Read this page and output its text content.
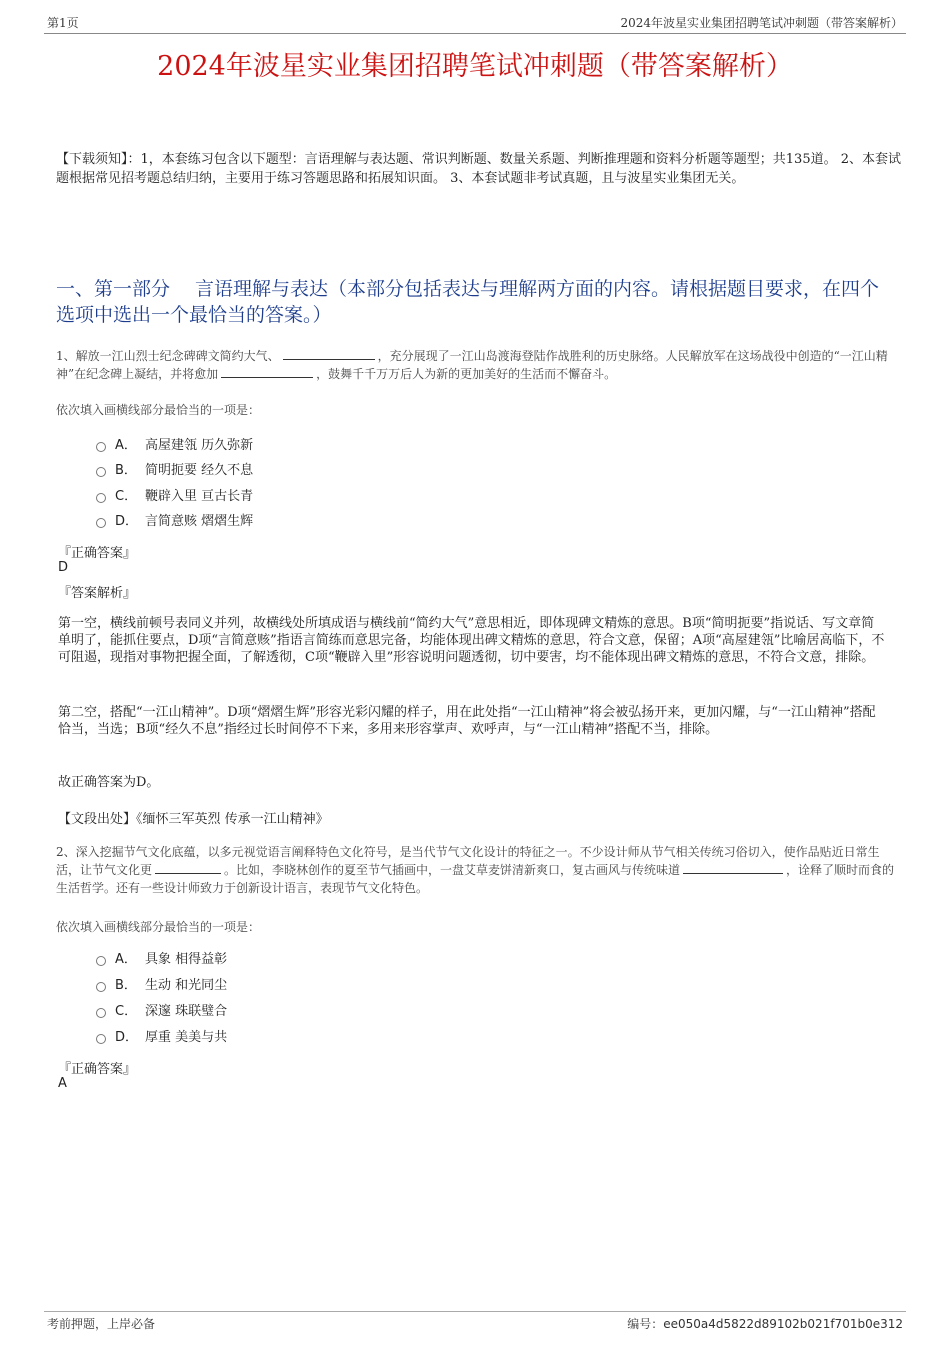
第1页	2024年波星实业集团招聘笔试冲刺题（带答案解析）
2024年波星实业集团招聘笔试冲刺题（带答案解析）
【下载须知】：1，本套练习包含以下题型：言语理解与表达题、常识判断题、数量关系题、判断推理题和资料分析题等题型；共135道。 2、本套试题根据常见招考题总结归纳，主要用于练习答题思路和拓展知识面。 3、本套试题非考试真题，且与波星实业集团无关。
一、第一部分　 言语理解与表达（本部分包括表达与理解两方面的内容。请根据题目要求，在四个选项中选出一个最恰当的答案。）
1、解放一江山烈士纪念碑碑文简约大气、	，充分展现了一江山岛渡海登陆作战胜利的历史脉络。人民解放军在这场战役中创造的“一江山精神”在纪念碑上凝结，并将愈加	，鼓舞千千万万后人为新的更加美好的生活而不懈奋斗。
依次填入画横线部分最恰当的一项是：
A． 高屋建瓴 历久弥新
B． 简明扼要 经久不息
C． 鞭辟入里 亘古长青
D． 言简意赅 熠熠生辉
『正确答案』
D
『答案解析』
第一空，横线前顿号表同义并列，故横线处所填成语与横线前“简约大气”意思相近，即体现碑文精炼的意思。B项“简明扼要”指说话、写文章简单明了，能抓住要点，D项“言简意赅”指语言简练而意思完备，均能体现出碑文精炼的意思，符合文意，保留；A项“高屋建瓴”比喻居高临下，不可阻遏，现指对事物把握全面，了解透彻，C项“鞭辟入里”形容说明问题透彻，切中要害，均不能体现出碑文精炼的意思，不符合文意，排除。
第二空，搭配“一江山精神”。D项“熠熠生辉”形容光彩闪耀的样子，用在此处指“一江山精神”将会被弘扬开来，更加闪耀，与“一江山精神”搭配恰当，当选；B项“经久不息”指经过长时间停不下来，多用来形容掌声、欢呼声，与“一江山精神”搭配不当，排除。
故正确答案为D。
【文段出处】《缅怀三军英烈 传承一江山精神》
2、深入挖掘节气文化底蕴，以多元视觉语言阐释特色文化符号，是当代节气文化设计的特征之一。不少设计师从节气相关传统习俗切入，使作品贴近日常生活，让节气文化更	。比如，李晓林创作的夏至节气插画中，一盘艾草麦饼清新爽口，复古画风与传统味道	，诠释了顺时而食的生活哲学。还有一些设计师致力于创新设计语言，表现节气文化特色。
依次填入画横线部分最恰当的一项是：
A． 具象 相得益彰
B． 生动 和光同尘
C． 深邃 珠联璧合
D． 厚重 美美与共
『正确答案』
A
考前押题，上岸必备	编号：ee050a4d5822d89102b021f701b0e312
